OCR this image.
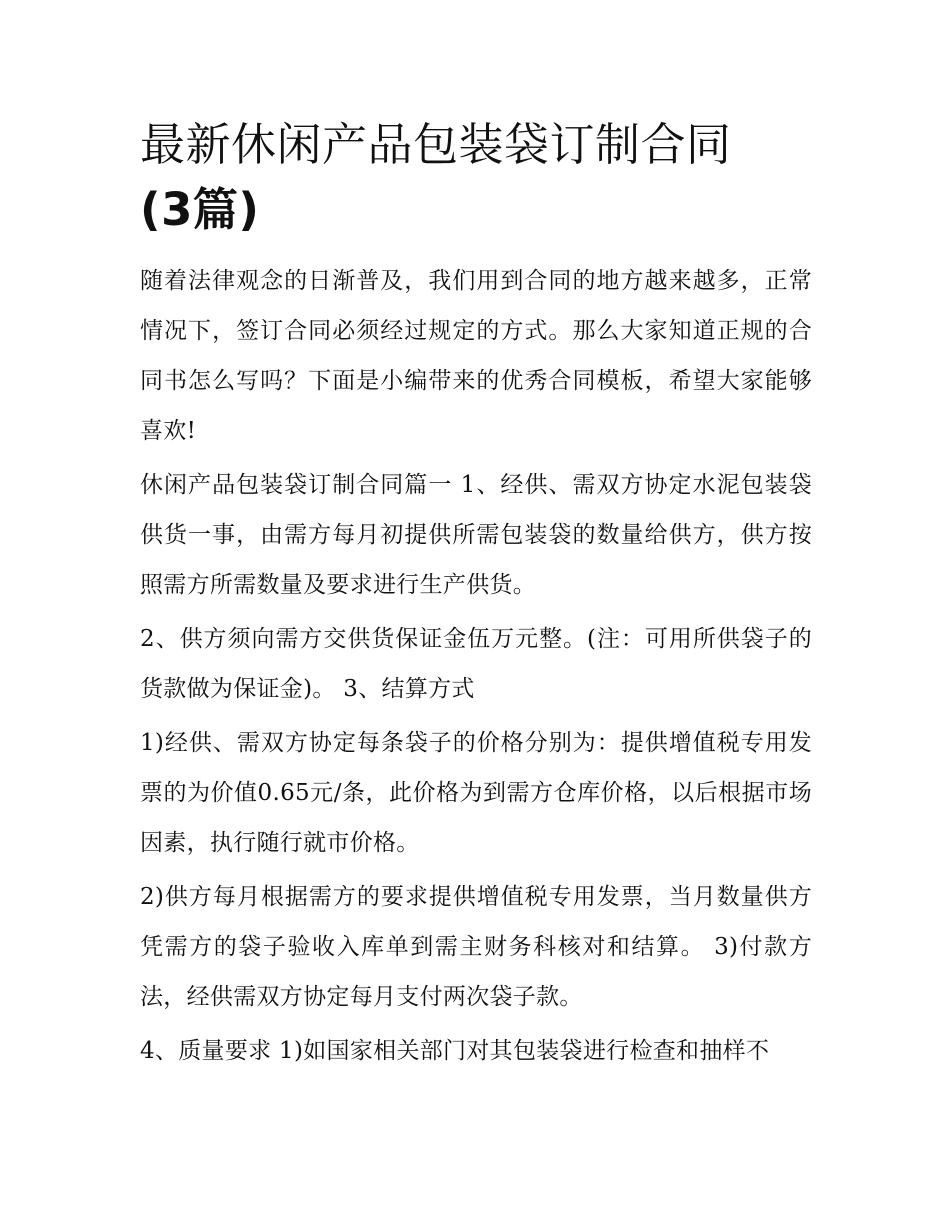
最新休闲产品包装袋订制合同
(3篇)

随着法律观念的日渐普及，我们用到合同的地方越来越多，正常情况下，签订合同必须经过规定的方式。那么大家知道正规的合同书怎么写吗？下面是小编带来的优秀合同模板，希望大家能够喜欢!

休闲产品包装袋订制合同篇一 1、经供、需双方协定水泥包装袋供货一事，由需方每月初提供所需包装袋的数量给供方，供方按照需方所需数量及要求进行生产供货。

2、供方须向需方交供货保证金伍万元整。(注：可用所供袋子的货款做为保证金)。 3、结算方式

1)经供、需双方协定每条袋子的价格分别为：提供增值税专用发票的为价值0.65元/条，此价格为到需方仓库价格，以后根据市场因素，执行随行就市价格。

2)供方每月根据需方的要求提供增值税专用发票，当月数量供方凭需方的袋子验收入库单到需主财务科核对和结算。 3)付款方法，经供需双方协定每月支付两次袋子款。

4、质量要求 1)如国家相关部门对其包装袋进行检查和抽样不
